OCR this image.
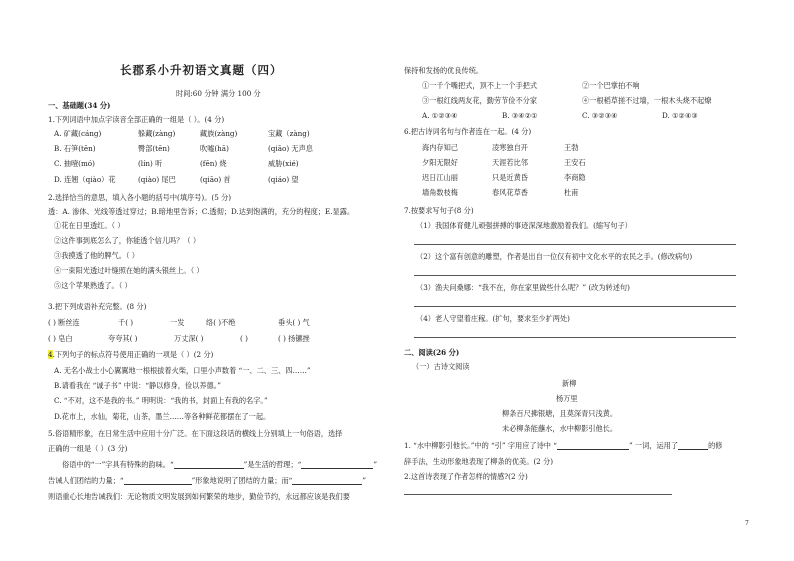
长郡系小升初语文真题（四）
时间:60 分钟 满分 100 分
一、基础题(34 分)
1.下列词语中加点字读音全部正确的一组是（ ）。(4 分)
A. 矿藏(cáng)	躲藏(zàng)	藏族(zàng)	宝藏（zàng)
B. 石笋(tēn)	臀部(tēn)	吹嘘(hā)	(qiāo) 无声息
C. 抽噎(mó)	(lín) 听	(fēn) 烧	威胁(xié)
D. 连翘（qiào）花	(qiào) 尾巴	(qiāo) 首	(qiáo) 望
2.选择恰当的意思，填入各小题的括号中(填序号)。(5 分)
透：A. 渗体、光线等透过穿过；B.暗地里告诉；C.透彻；D.达到饱满的，充分的程度；E.显露。
①花在日里透红。（ ）
②这件事到底怎么了，你能透个信儿吗？（ ）
③我摸透了他的脾气。（ ）
④一束阳光透过叶缝照在她的满头银丝上。（ ）
⑤这个苹果熟透了。（ ）
3.把下列成语补充完整。(8 分)
( ) 断丝连	千( )	一发	络( )不绝	垂头( ) 气
( ) 皂白	夸夸其( )	万丈深( )	( )	( ) 扬镳挫
4.下列句子的标点符号使用正确的一项是（ ）(2 分)
A. 无名小战士小心翼翼地一根根拔着火柴，口里小声数着 “一、二、三、四……”
B.请看我在 “诚子书” 中说：“静以修身，俭以养德。”
C. “不对，这不是我的书。” 明明说：“我的书，封面上有我的名字。”
D.花市上，水仙，菊花，山茶，墨兰……等各种鲜花都摆在了一起。
5.俗语精形象，在日常生活中应用十分广泛。在下面这段话的横线上分别填上一句俗语，选择
正确的一组是（ ）(3 分)
俗语中的“一”字具有特殊的韵味。“	”是生活的哲理；“	”
告诫人们团结的力量；“	”形象地说明了团结的力量；而“	”
则语重心长地告诫我们：无论物质文明发展到如何繁荣的地步，勤俭节约，永远都应该是我们要
保持和发扬的优良传统。
①一千个嘴把式，顶不上一个手把式	②一个巴掌拍不响
③一根红线两友花，勤劳节俭不分家	④一根稻草搓不过墙，一根木头烧不起燎
A. ①②③④	B. ③④②①	C. ③②③④	D. ①②④③
6.把古诗词名句与作者连在一起。(4 分)
海内存知己	凌寒独自开	王勃
夕阳无限好	天涯若比邻	王安石
迟日江山丽	只是近黄昏	李商隐
墙角数枝梅	春风花草香	杜甫
7.按要求写句子(8 分)
（1）我国体育健儿顽强拼搏的事迹深深地激励着我们。(缩写句子）
（2）这个富有创意的雕塑，作者是出自一位仅有初中文化水平的农民之手。(修改病句)
（3）渔夫问桑娜：“我不在，你在家里做些什么呢？” (改为转述句)
（4）老人守望着庄稼。(扩句，要求至少扩两处)
二、阅读(26 分)
（一）古诗文阅读
新柳
杨万里
柳条百尺拂银塘，且莫深青只浅黄。
未必柳条能蘸水，水中柳影引他长。
1. “水中柳影引他长。”中的 “引” 字用应了诗中 “	” 一词，运用了	的修
辞手法，生动形象地表现了柳条的优美。(2 分)
2.这首诗表现了作者怎样的情感?(2 分)
7
